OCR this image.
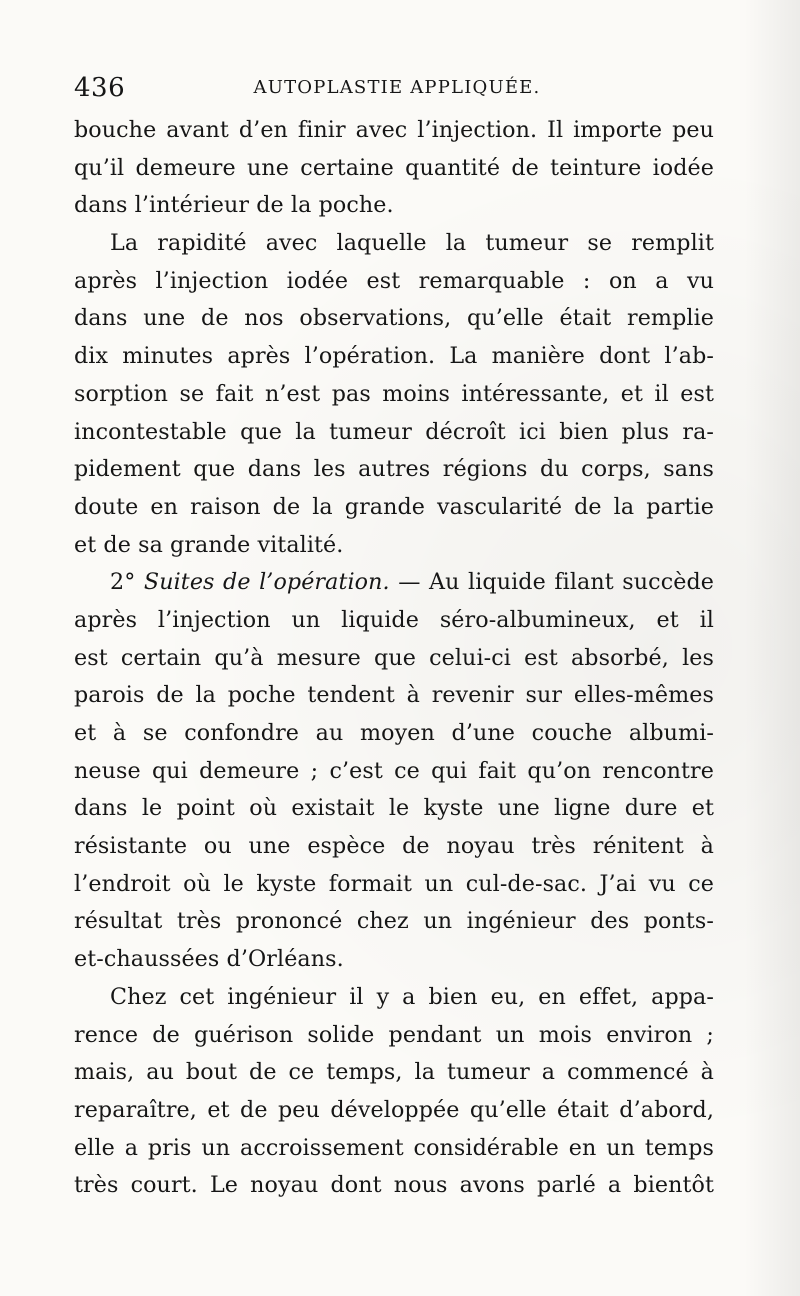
436	AUTOPLASTIE APPLIQUÉE.
bouche avant d’en finir avec l’injection. Il importe peu
qu’il demeure une certaine quantité de teinture iodée
dans l’intérieur de la poche.
La rapidité avec laquelle la tumeur se remplit
après l’injection iodée est remarquable : on a vu
dans une de nos observations, qu’elle était remplie
dix minutes après l’opération. La manière dont l’ab-
sorption se fait n’est pas moins intéressante, et il est
incontestable que la tumeur décroît ici bien plus ra-
pidement que dans les autres régions du corps, sans
doute en raison de la grande vascularité de la partie
et de sa grande vitalité.
2° Suites de l’opération. — Au liquide filant succède
après l’injection un liquide séro-albumineux, et il
est certain qu’à mesure que celui-ci est absorbé, les
parois de la poche tendent à revenir sur elles-mêmes
et à se confondre au moyen d’une couche albumi-
neuse qui demeure ; c’est ce qui fait qu’on rencontre
dans le point où existait le kyste une ligne dure et
résistante ou une espèce de noyau très rénitent à
l’endroit où le kyste formait un cul-de-sac. J’ai vu ce
résultat très prononcé chez un ingénieur des ponts-
et-chaussées d’Orléans.
Chez cet ingénieur il y a bien eu, en effet, appa-
rence de guérison solide pendant un mois environ ;
mais, au bout de ce temps, la tumeur a commencé à
reparaître, et de peu développée qu’elle était d’abord,
elle a pris un accroissement considérable en un temps
très court. Le noyau dont nous avons parlé a bientôt
